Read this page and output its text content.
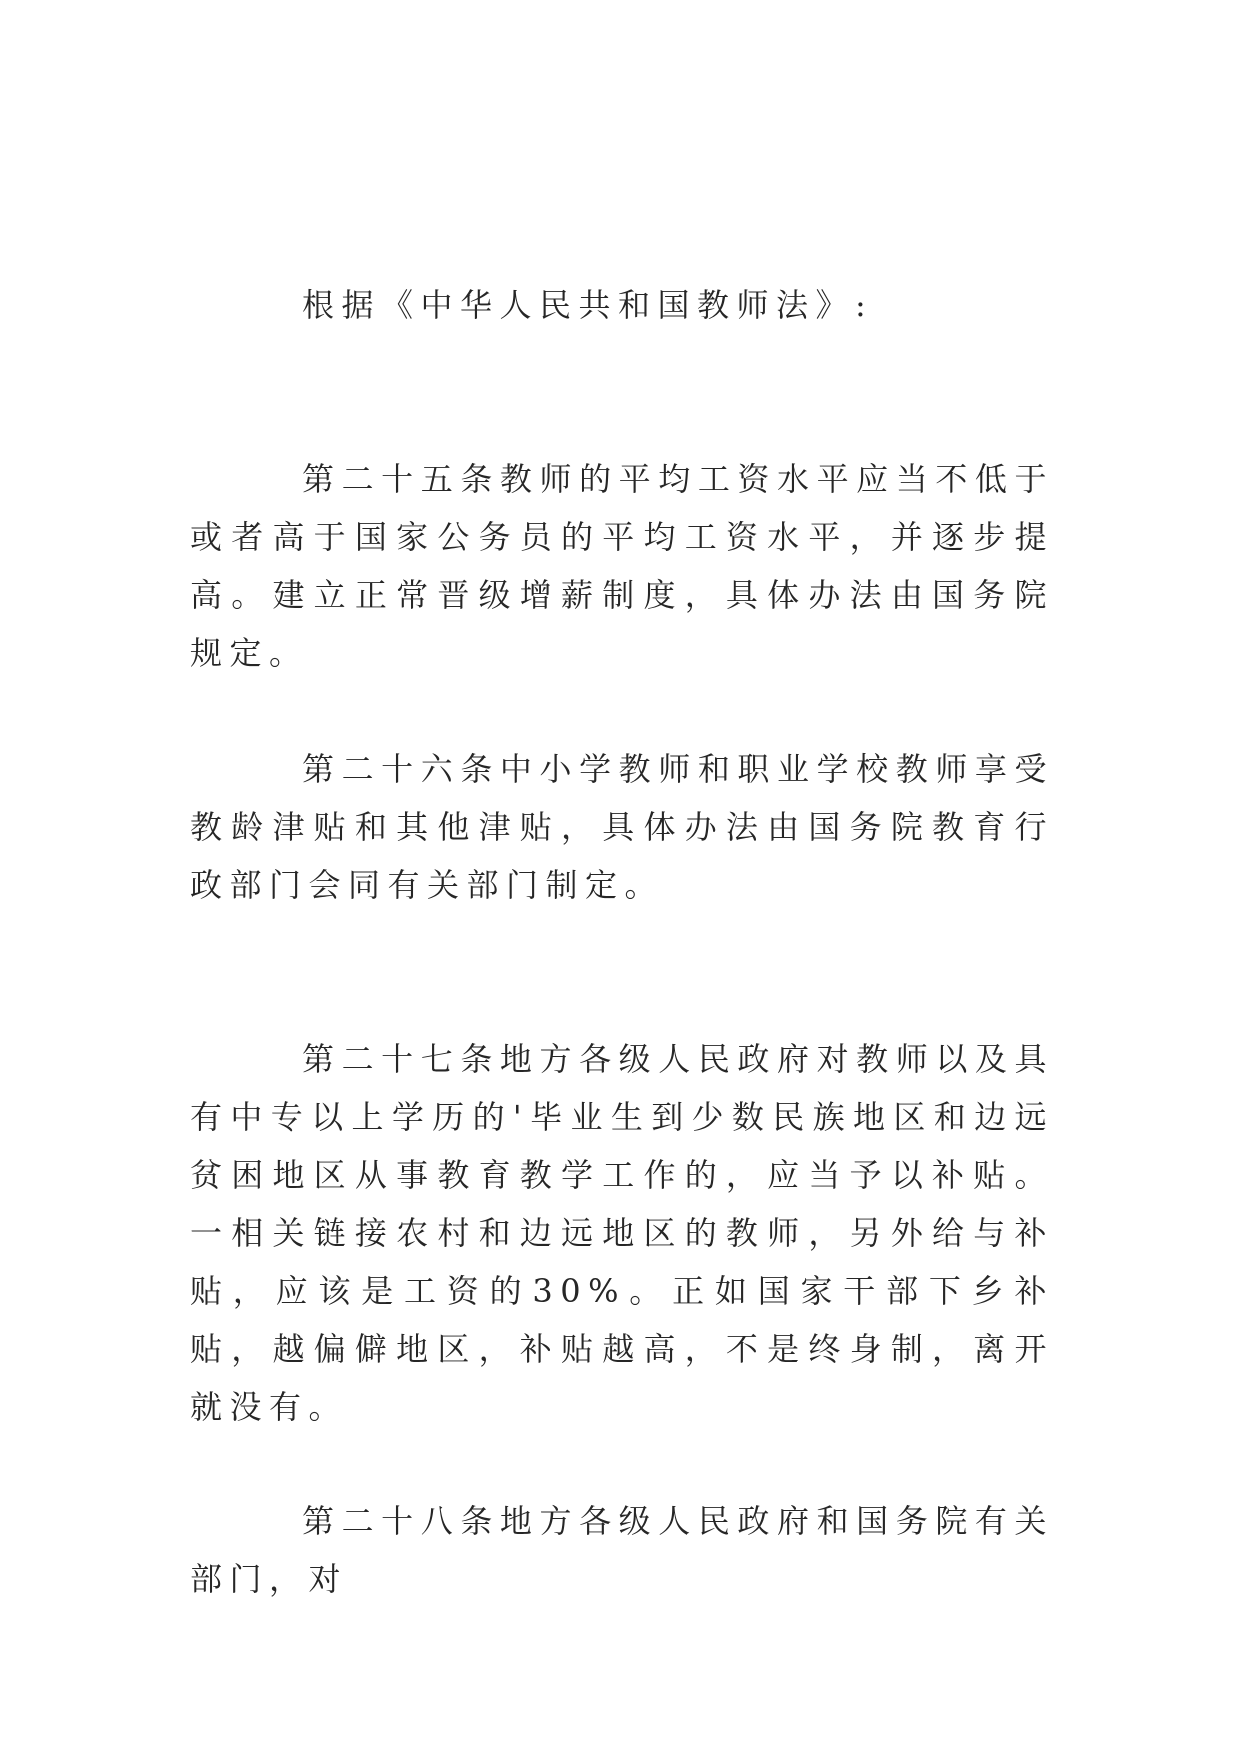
根据《中华人民共和国教师法》:

第二十五条教师的平均工资水平应当不低于或者高于国家公务员的平均工资水平，并逐步提高。建立正常晋级增薪制度，具体办法由国务院规定。

第二十六条中小学教师和职业学校教师享受教龄津贴和其他津贴，具体办法由国务院教育行政部门会同有关部门制定。

第二十七条地方各级人民政府对教师以及具有中专以上学历的'毕业生到少数民族地区和边远贫困地区从事教育教学工作的，应当予以补贴。一相关链接农村和边远地区的教师，另外给与补贴，应该是工资的30%。正如国家干部下乡补贴，越偏僻地区，补贴越高，不是终身制，离开就没有。

第二十八条地方各级人民政府和国务院有关部门，对
